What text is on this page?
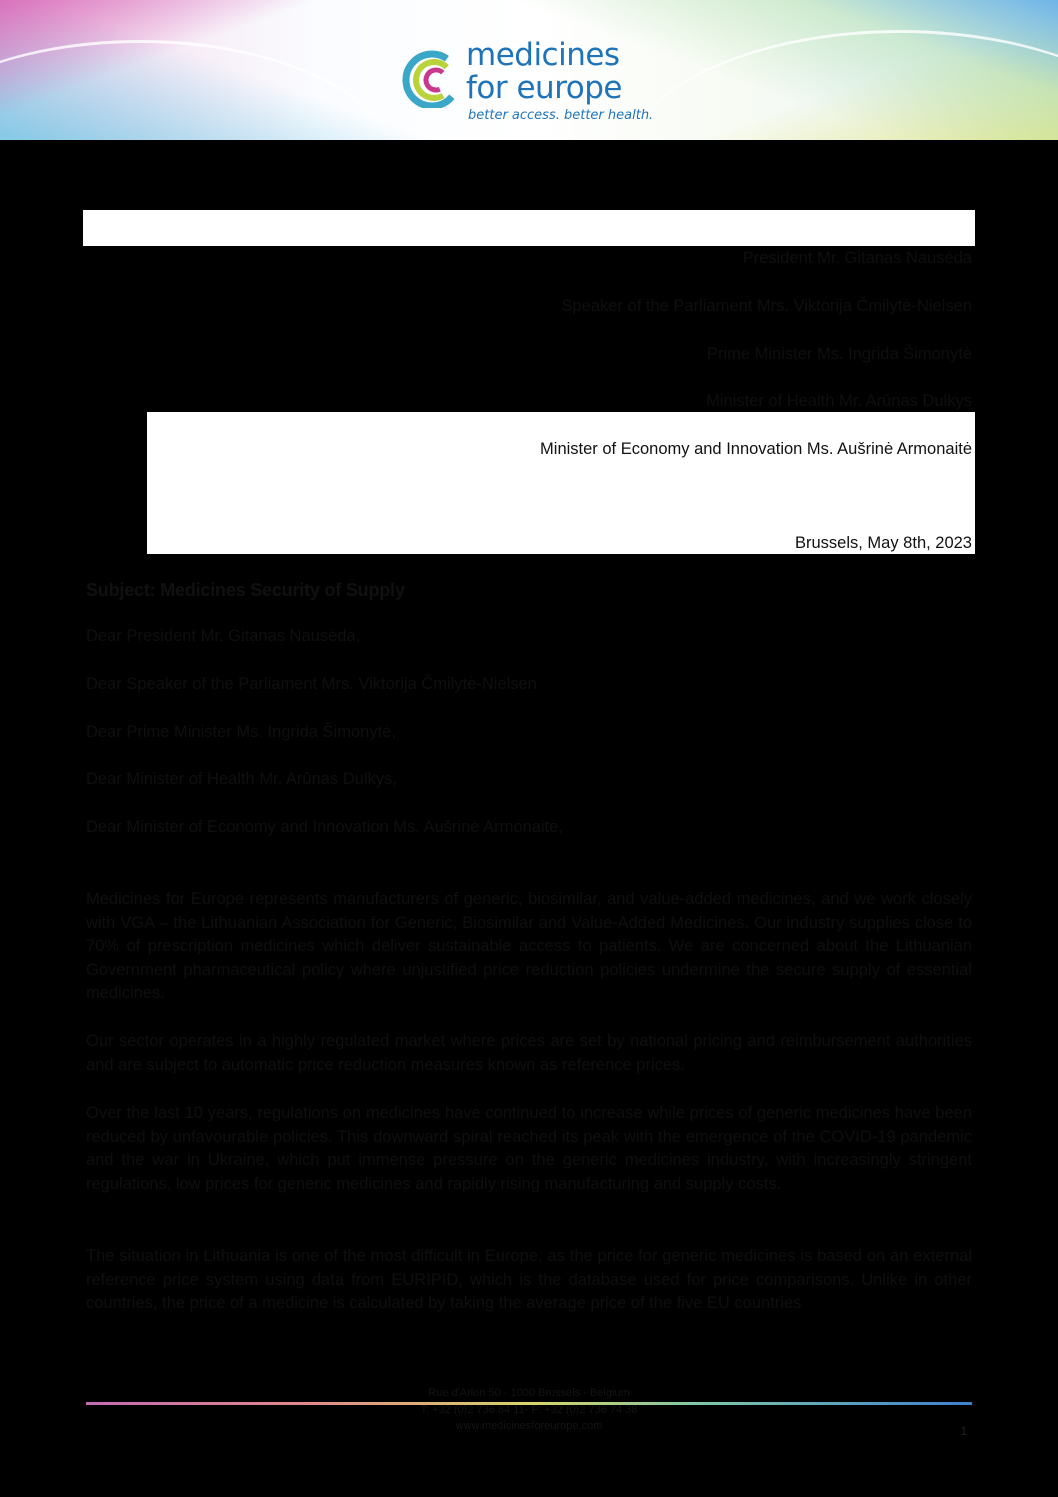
medicines
for europe
better access. better health.
President Mr. Gitanas Nausėda
Speaker of the Parliament Mrs. Viktorija Čmilytė-Nielsen
Prime Minister Ms. Ingrida Šimonytė
Minister of Health Mr. Arūnas Dulkys
Minister of Economy and Innovation Ms. Aušrinė Armonaitė
Brussels, May 8th, 2023
Subject: Medicines Security of Supply
Dear President Mr. Gitanas Nausėda,
Dear Speaker of the Parliament Mrs. Viktorija Čmilytė-Nielsen
Dear Prime Minister Ms. Ingrida Šimonytė,
Dear Minister of Health Mr. Arūnas Dulkys,
Dear Minister of Economy and Innovation Ms. Aušrinė Armonaitė,

Medicines for Europe represents manufacturers of generic, biosimilar, and value-added medicines, and we work closely with VGA – the Lithuanian Association for Generic, Biosimilar and Value-Added Medicines. Our industry supplies close to 70% of prescription medicines which deliver sustainable access to patients. We are concerned about the Lithuanian Government pharmaceutical policy where unjustified price reduction policies undermine the secure supply of essential medicines.

Our sector operates in a highly regulated market where prices are set by national pricing and reimbursement authorities and are subject to automatic price reduction measures known as reference prices.

Over the last 10 years, regulations on medicines have continued to increase while prices of generic medicines have been reduced by unfavourable policies. This downward spiral reached its peak with the emergence of the COVID-19 pandemic and the war in Ukraine, which put immense pressure on the generic medicines industry, with increasingly stringent regulations, low prices for generic medicines and rapidly rising manufacturing and supply costs.

The situation in Lithuania is one of the most difficult in Europe, as the price for generic medicines is based on an external reference price system using data from EURIPID, which is the database used for price comparisons. Unlike in other countries, the price of a medicine is calculated by taking the average price of the five EU countries

Rue d'Arlon 50 - 1000 Brussels - Belgium
T: +32 (0)2 736 84 11- F: +32 (0)2 736 74 38
www.medicinesforeurope.com	1
